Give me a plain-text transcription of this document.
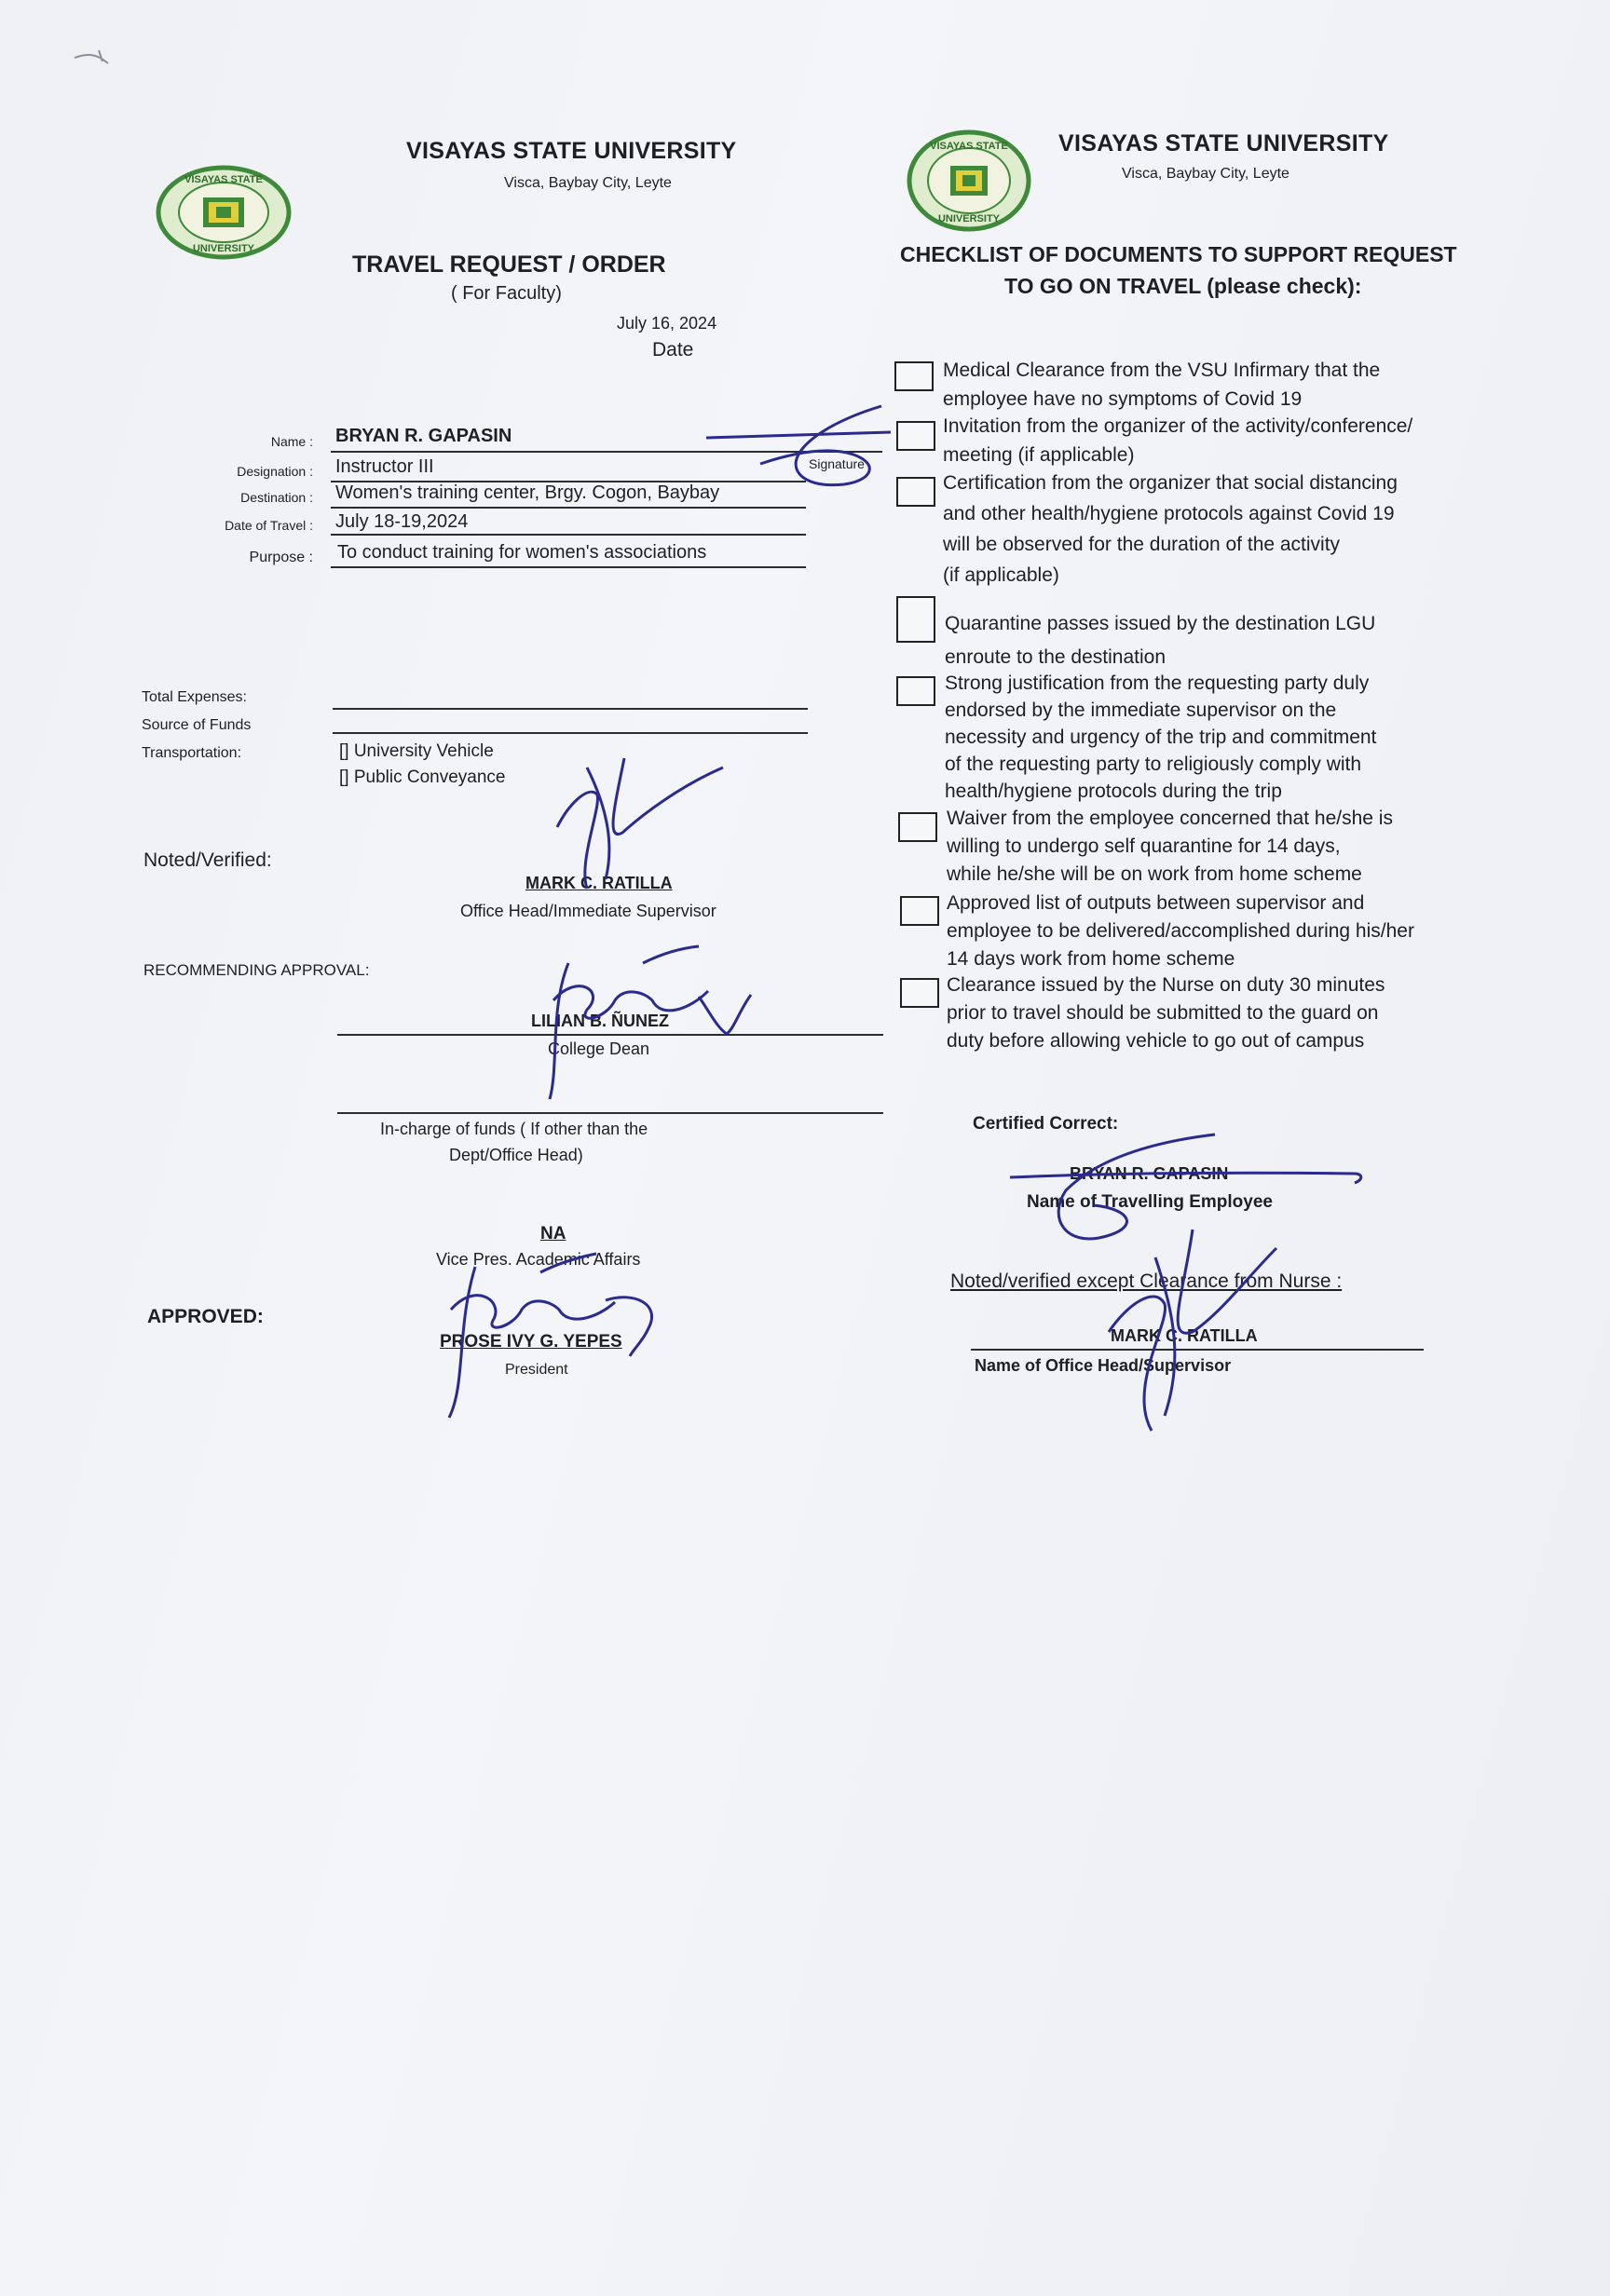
VISAYAS STATE
UNIVERSITY
VISAYAS STATE UNIVERSITY
Visca, Baybay City, Leyte
TRAVEL REQUEST / ORDER
( For Faculty)
July 16, 2024
Date
Name : BRYAN R. GAPASIN
Designation : Instructor III	Signature
Destination : Women's training center, Brgy. Cogon, Baybay
Date of Travel : July 18-19,2024
Purpose : To conduct training for women's associations
Total Expenses:
Source of Funds
Transportation:	[] University Vehicle
[] Public Conveyance
Noted/Verified:
MARK C. RATILLA
Office Head/Immediate Supervisor
RECOMMENDING APPROVAL:
LILIAN B. ÑUNEZ
College Dean
In-charge of funds ( If other than the
Dept/Office Head)
NA
Vice Pres. Academic Affairs
APPROVED:
PROSE IVY G. YEPES
President
VISAYAS STATE
UNIVERSITY
VISAYAS STATE UNIVERSITY
Visca, Baybay City, Leyte
CHECKLIST OF DOCUMENTS TO SUPPORT REQUEST
TO GO ON TRAVEL (please check):
Medical Clearance from the VSU Infirmary that the
employee have no symptoms of Covid 19
Invitation from the organizer of the activity/conference/
meeting (if applicable)
Certification from the organizer that social distancing
and other health/hygiene protocols against Covid 19
will be observed for the duration of the activity
(if applicable)
Quarantine passes issued by the destination LGU
enroute to the destination
Strong justification from the requesting party duly
endorsed by the immediate supervisor on the
necessity and urgency of the trip and commitment
of the requesting party to religiously comply with
health/hygiene protocols during the trip
Waiver from the employee concerned that he/she is
willing to undergo self quarantine for 14 days,
while he/she will be on work from home scheme
Approved list of outputs between supervisor and
employee to be delivered/accomplished during his/her
14 days work from home scheme
Clearance issued by the Nurse on duty 30 minutes
prior to travel should be submitted to the guard on
duty before allowing vehicle to go out of campus
Certified Correct:
BRYAN R. GAPASIN
Name of Travelling Employee
Noted/verified except Clearance from Nurse :
MARK C. RATILLA
Name of Office Head/Supervisor
